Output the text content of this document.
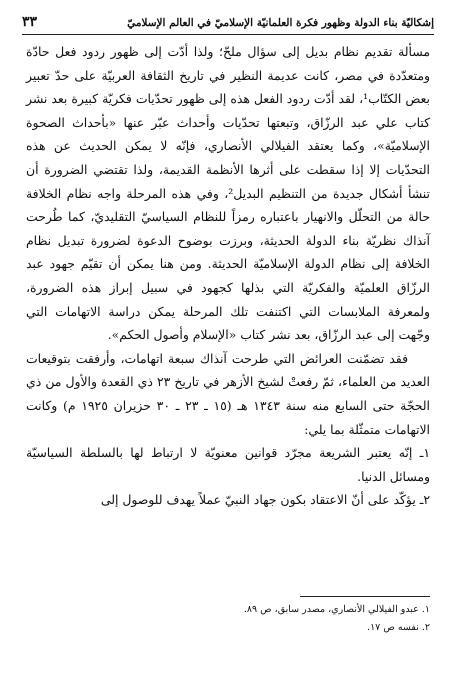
إشكاليّة بناء الدولة وظهور فكرة العلمانيّة الإسلاميّ في العالم الإسلاميّ
٣٣

مسألة تقديم نظام بديل إلى سؤال ملحّ؛ ولذا أدّت إلى ظهور ردود فعل حادّة ومتعدّدة في مصر، كانت عديمة النظير في تاريخ الثقافة العربيّة على حدّ تعبير بعض الكتّاب¹، لقد أدّت ردود الفعل هذه إلى ظهور تحدّيات فكريّة كبيرة بعد نشر كتاب علي عبد الرزّاق، وتبعتها تحدّيات وأحداث عبّر عنها «بأحداث الصحوة الإسلاميّة»، وكما يعتقد الفيلالي الأنصاري، فإنّه لا يمكن الحديث عن هذه التحدّيات إلا إذا سقطت على أثرها الأنظمة القديمة، ولذا تقتضي الضرورة أن تنشأ أشكال جديدة من التنظيم البديل²، وفي هذه المرحلة واجه نظام الخلافة حالة من التحلّل والانهيار باعتباره رمزاً للنظام السياسيّ التقليديّ، كما طُرحت آنذاك نظريّة بناء الدولة الحديثة، وبرزت بوضوح الدعوة لضرورة تبديل نظام الخلافة إلى نظام الدولة الإسلاميّة الحديثة. ومن هنا يمكن أن تقيّم جهود عبد الرزّاق العلميّة والفكريّة التي بذلها كجهود في سبيل إبراز هذه الضرورة، ولمعرفة الملابسات التي اكتنفت تلك المرحلة يمكن دراسة الاتهامات التي وجّهت إلى عبد الرزّاق، بعد نشر كتاب «الإسلام وأصول الحكم».

فقد تضمّنت العرائض التي طرحت آنذاك سبعة اتهامات، وأرفقت بتوقيعات العديد من العلماء، ثمّ رفعتْ لشيخ الأزهر في تاريخ ٢٣ ذي القعدة والأول من ذي الحجّة حتى السابع منه سنة ١٣٤٣ هـ (١٥ ـ ٢٣ ـ ٣٠ حزيران ١٩٢٥ م) وكانت الاتهامات متمثّلة بما يلي:

١ـ إنّه يعتبر الشريعة مجرّد قوانين معنويّة لا ارتباط لها بالسلطة السياسيّة ومسائل الدنيا.

٢ـ يؤكّد على أنّ الاعتقاد بكون جهاد النبيّ عملاً يهدف للوصول إلى

١. عبدو الفيلالي الأنصاري، مصدر سابق، ص ٨٩.
٢. نفسه ص ١٧.
